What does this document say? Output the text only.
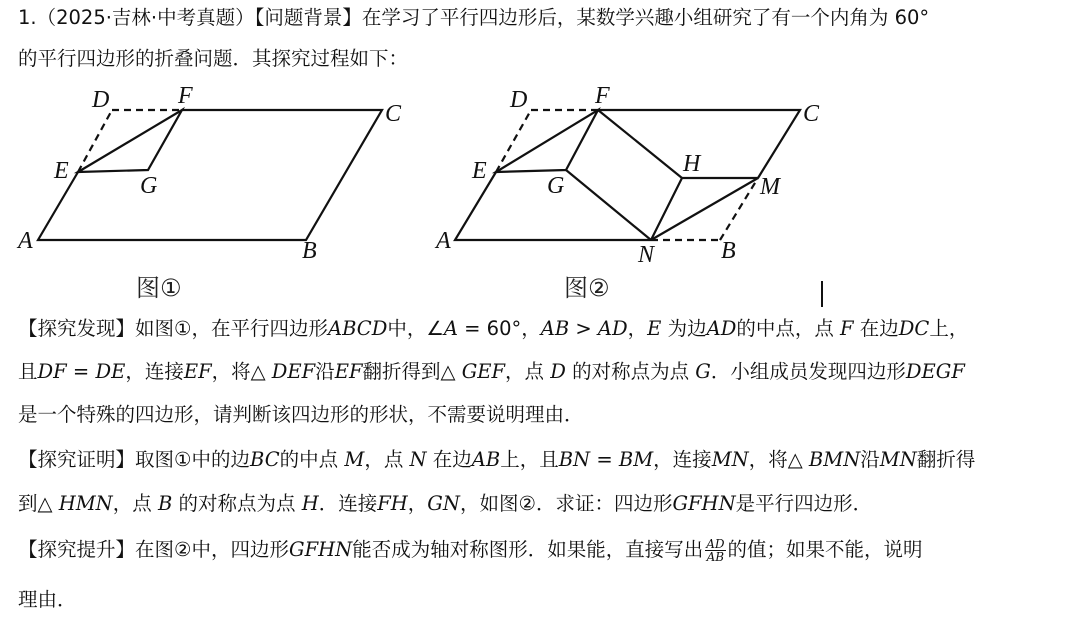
1.（2025·吉林·中考真题）【问题背景】在学习了平行四边形后，某数学兴趣小组研究了有一个内角为 60°
的平行四边形的折叠问题．其探究过程如下：
D	F
C
E
G
A	B
图①
D	F
C
E
G
H
M
A
N	B
图②
【探究发现】如图①，在平行四边形ABCD中，∠A = 60°，AB > AD，E 为边AD的中点，点 F 在边DC上，
且DF = DE，连接EF，将△ DEF沿EF翻折得到△ GEF，点 D 的对称点为点 G．小组成员发现四边形DEGF
是一个特殊的四边形，请判断该四边形的形状，不需要说明理由．
【探究证明】取图①中的边BC的中点 M，点 N 在边AB上，且BN = BM，连接MN，将△ BMN沿MN翻折得
到△ HMN，点 B 的对称点为点 H．连接FH，GN，如图②．求证：四边形GFHN是平行四边形．
【探究提升】在图②中，四边形GFHN能否成为轴对称图形．如果能，直接写出 $\frac{AD}{AB}$ 的值；如果不能，说明
理由．
